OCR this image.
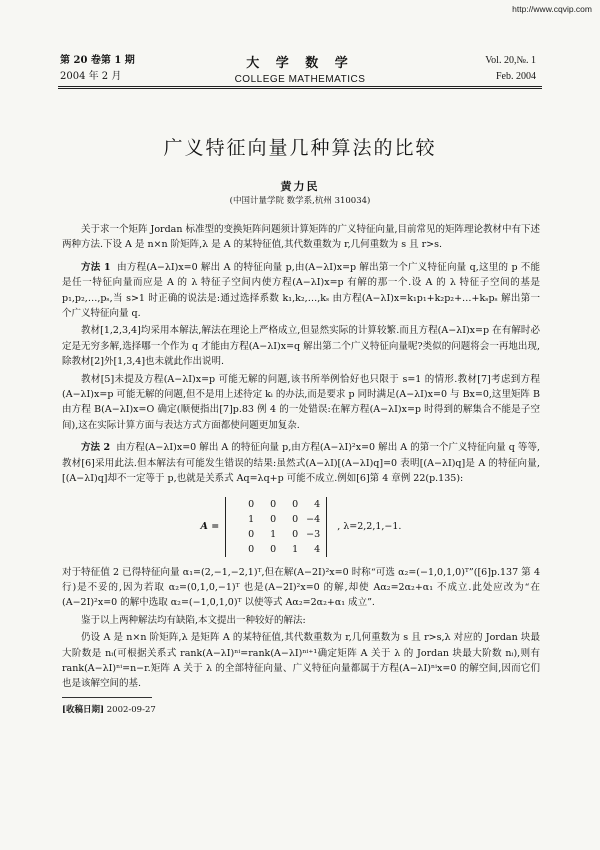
http://www.cqvip.com
第 20 卷第 1 期
2004 年 2 月
大 学 数 学
COLLEGE MATHEMATICS
Vol. 20,№. 1
Feb. 2004
广义特征向量几种算法的比较
黄力民
(中国计量学院 数学系,杭州 310034)

关于求一个矩阵 Jordan 标准型的变换矩阵问题须计算矩阵的广义特征向量,目前常见的矩阵理论教材中有下述两种方法.下设 A 是 n×n 阶矩阵,λ 是 A 的某特征值,其代数重数为 r,几何重数为 s 且 r>s.

方法 1 由方程(A−λI)x=0 解出 A 的特征向量 p,由(A−λI)x=p 解出第一个广义特征向量 q,这里的 p 不能是任一特征向量而应是 A 的 λ 特征子空间内使方程(A−λI)x=p 有解的那一个.设 A 的 λ 特征子空间的基是 p₁,p₂,…,pₛ,当 s>1 时正确的说法是:通过选择系数 k₁,k₂,…,kₛ 由方程(A−λI)x=k₁p₁+k₂p₂+…+kₛpₛ 解出第一个广义特征向量 q.

教材[1,2,3,4]均采用本解法,解法在理论上严格成立,但显然实际的计算较繁.而且方程(A−λI)x=p 在有解时必定是无穷多解,选择哪一个作为 q 才能由方程(A−λI)x=q 解出第二个广义特征向量呢?类似的问题将会一再地出现,除教材[2]外[1,3,4]也未就此作出说明.

教材[5]未提及方程(A−λI)x=p 可能无解的问题,该书所举例恰好也只限于 s=1 的情形.教材[7]考虑到方程(A−λI)x=p 可能无解的问题,但不是用上述待定 kᵢ 的办法,而是要求 p 同时满足(A−λI)x=0 与 Bx=0,这里矩阵 B 由方程 B(A−λI)x=O 确定(顺便指出[7]p.83 例 4 的一处错误:在解方程(A−λI)x=p 时得到的解集合不能是子空间),这在实际计算方面与表达方式方面都使问题更加复杂.

方法 2 由方程(A−λI)x=0 解出 A 的特征向量 p,由方程(A−λI)²x=0 解出 A 的第一个广义特征向量 q 等等,教材[6]采用此法.但本解法有可能发生错误的结果:虽然式(A−λI)[(A−λI)q]=0 表明[(A−λI)q]是 A 的特征向量,[(A−λI)q]却不一定等于 p,也就是关系式 Aq=λq+p 可能不成立.例如[6]第 4 章例 22(p.135):

A =
0	0	0	4
1	0	0 −4
0	1	0 −3
0	0	1	4
, λ=2,2,1,−1.

对于特征值 2 已得特征向量 α₁=(2,−1,−2,1)ᵀ,但在解(A−2I)²x=0 时称“可选 α₂=(−1,0,1,0)ᵀ”([6]p.137 第 4 行)是不妥的,因为若取 α₂=(0,1,0,−1)ᵀ 也是(A−2I)²x=0 的解,却使 Aα₂=2α₂+α₁ 不成立.此处应改为“在(A−2I)²x=0 的解中选取 α₂=(−1,0,1,0)ᵀ 以使等式 Aα₂=2α₂+α₁ 成立”.

鉴于以上两种解法均有缺陷,本文提出一种较好的解法:

仍设 A 是 n×n 阶矩阵,λ 是矩阵 A 的某特征值,其代数重数为 r,几何重数为 s 且 r>s,λ 对应的 Jordan 块最大阶数是 nᵢ(可根据关系式 rank(A−λI)ⁿⁱ=rank(A−λI)ⁿⁱ⁺¹确定矩阵 A 关于 λ 的 Jordan 块最大阶数 nᵢ),则有 rank(A−λI)ⁿⁱ=n−r.矩阵 A 关于 λ 的全部特征向量、广义特征向量都属于方程(A−λI)ⁿⁱx=0 的解空间,因而它们也是该解空间的基.

[收稿日期] 2002-09-27
